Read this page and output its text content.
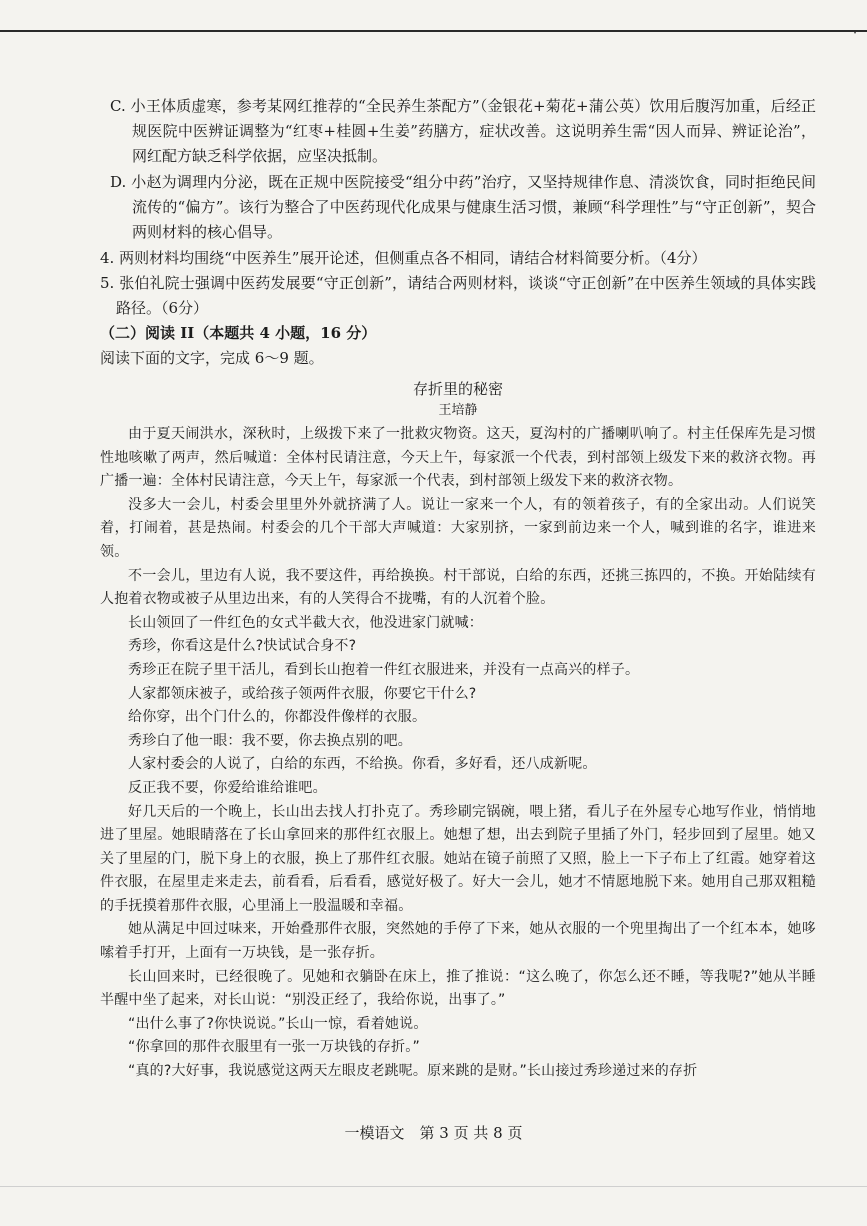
·

C. 小王体质虚寒，参考某网红推荐的“全民养生茶配方”（金银花+菊花+蒲公英）饮用后腹泻加重，后经正规医院中医辨证调整为“红枣+桂圆+生姜”药膳方，症状改善。这说明养生需“因人而异、辨证论治”，网红配方缺乏科学依据，应坚决抵制。

D. 小赵为调理内分泌，既在正规中医院接受“组分中药”治疗，又坚持规律作息、清淡饮食，同时拒绝民间流传的“偏方”。该行为整合了中医药现代化成果与健康生活习惯，兼顾“科学理性”与“守正创新”，契合两则材料的核心倡导。

4. 两则材料均围绕“中医养生”展开论述，但侧重点各不相同，请结合材料简要分析。（4分）

5. 张伯礼院士强调中医药发展要“守正创新”，请结合两则材料，谈谈“守正创新”在中医养生领域的具体实践路径。（6分）

（二）阅读 II（本题共 4 小题，16 分）

阅读下面的文字，完成 6～9 题。

存折里的秘密

王培静

由于夏天闹洪水，深秋时，上级拨下来了一批救灾物资。这天，夏沟村的广播喇叭响了。村主任保库先是习惯性地咳嗽了两声，然后喊道：全体村民请注意，今天上午，每家派一个代表，到村部领上级发下来的救济衣物。再广播一遍：全体村民请注意，今天上午，每家派一个代表，到村部领上级发下来的救济衣物。

没多大一会儿，村委会里里外外就挤满了人。说让一家来一个人，有的领着孩子，有的全家出动。人们说笑着，打闹着，甚是热闹。村委会的几个干部大声喊道：大家别挤，一家到前边来一个人，喊到谁的名字，谁进来领。

不一会儿，里边有人说，我不要这件，再给换换。村干部说，白给的东西，还挑三拣四的，不换。开始陆续有人抱着衣物或被子从里边出来，有的人笑得合不拢嘴，有的人沉着个脸。

长山领回了一件红色的女式半截大衣，他没进家门就喊：

秀珍，你看这是什么?快试试合身不?

秀珍正在院子里干活儿，看到长山抱着一件红衣服进来，并没有一点高兴的样子。

人家都领床被子，或给孩子领两件衣服，你要它干什么?

给你穿，出个门什么的，你都没件像样的衣服。

秀珍白了他一眼：我不要，你去换点别的吧。

人家村委会的人说了，白给的东西，不给换。你看，多好看，还八成新呢。

反正我不要，你爱给谁给谁吧。

好几天后的一个晚上，长山出去找人打扑克了。秀珍刷完锅碗，喂上猪，看儿子在外屋专心地写作业，悄悄地进了里屋。她眼睛落在了长山拿回来的那件红衣服上。她想了想，出去到院子里插了外门，轻步回到了屋里。她又关了里屋的门，脱下身上的衣服，换上了那件红衣服。她站在镜子前照了又照，脸上一下子布上了红霞。她穿着这件衣服，在屋里走来走去，前看看，后看看，感觉好极了。好大一会儿，她才不情愿地脱下来。她用自己那双粗糙的手抚摸着那件衣服，心里涌上一股温暖和幸福。

她从满足中回过味来，开始叠那件衣服，突然她的手停了下来，她从衣服的一个兜里掏出了一个红本本，她哆嗦着手打开，上面有一万块钱，是一张存折。

长山回来时，已经很晚了。见她和衣躺卧在床上，推了推说：“这么晚了，你怎么还不睡，等我呢?”她从半睡半醒中坐了起来，对长山说：“别没正经了，我给你说，出事了。”

“出什么事了?你快说说。”长山一惊，看着她说。

“你拿回的那件衣服里有一张一万块钱的存折。”

“真的?大好事，我说感觉这两天左眼皮老跳呢。原来跳的是财。”长山接过秀珍递过来的存折

一模语文　第 3 页 共 8 页
